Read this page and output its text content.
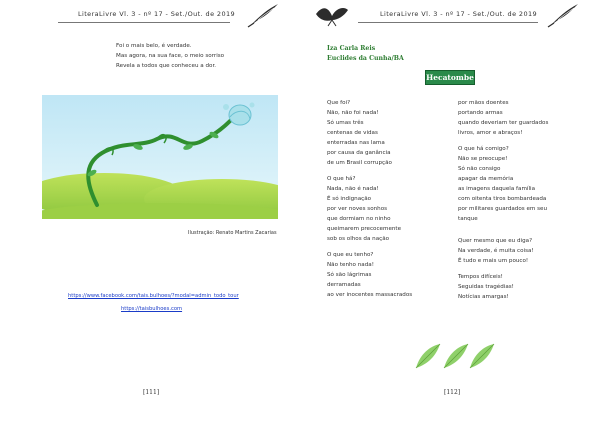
LiteraLivre Vl. 3 - nº 17 - Set./Out. de 2019
Foi o mais belo, é verdade.
Mas agora, na sua face, o meio sorriso
Revela a todos que conheceu a dor.
Ilustração: Renato Martins Zacarias
https://www.facebook.com/tais.bulhoes/?modal=admin_todo_tour
https://taisbulhoes.com
[111]
LiteraLivre Vl. 3 - nº 17 - Set./Out. de 2019
Iza Carla Reis
Euclides da Cunha/BA
Hecatombe
Que foi?
Não, não foi nada!
Só umas três
centenas de vidas
enterradas nas lama
por causa da ganância
de um Brasil corrupção
O que há?
Nada, não é nada!
É só indignação
por ver noves sonhos
que dormiam no ninho
queimarem precocemente
sob os olhos da nação
O que eu tenho?
Não tenho nada!
Só são lágrimas
derramadas
ao ver inocentes massacrados
por mãos doentes
portando armas
quando deveriam ter guardados
livros, amor e abraços!
O que há comigo?
Não se preocupe!
Só não consigo
apagar da memória
as imagens daquela família
com oitenta tiros bombardeada
por militares guardados em seu
tanque
Quer mesmo que eu diga?
Na verdade, é muita coisa!
É tudo e mais um pouco!
Tempos difíceis!
Seguidas tragédias!
Notícias amargas!
[112]
